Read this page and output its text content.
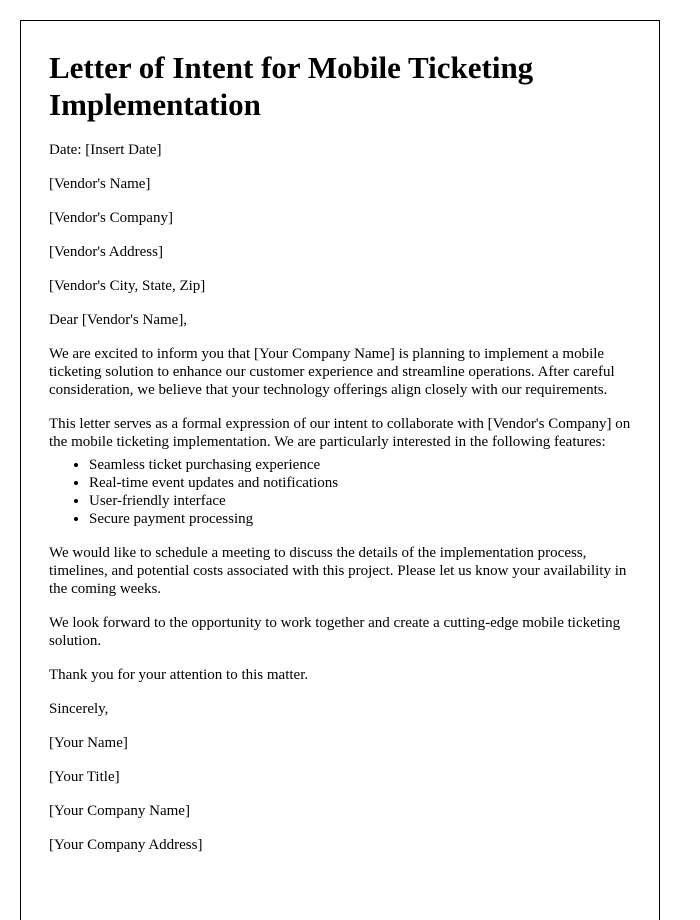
Letter of Intent for Mobile Ticketing Implementation

Date: [Insert Date]

[Vendor's Name]

[Vendor's Company]

[Vendor's Address]

[Vendor's City, State, Zip]

Dear [Vendor's Name],

We are excited to inform you that [Your Company Name] is planning to implement a mobile ticketing solution to enhance our customer experience and streamline operations. After careful consideration, we believe that your technology offerings align closely with our requirements.

This letter serves as a formal expression of our intent to collaborate with [Vendor's Company] on the mobile ticketing implementation. We are particularly interested in the following features:

• Seamless ticket purchasing experience
• Real-time event updates and notifications
• User-friendly interface
• Secure payment processing

We would like to schedule a meeting to discuss the details of the implementation process, timelines, and potential costs associated with this project. Please let us know your availability in the coming weeks.

We look forward to the opportunity to work together and create a cutting-edge mobile ticketing solution.

Thank you for your attention to this matter.

Sincerely,

[Your Name]

[Your Title]

[Your Company Name]

[Your Company Address]
